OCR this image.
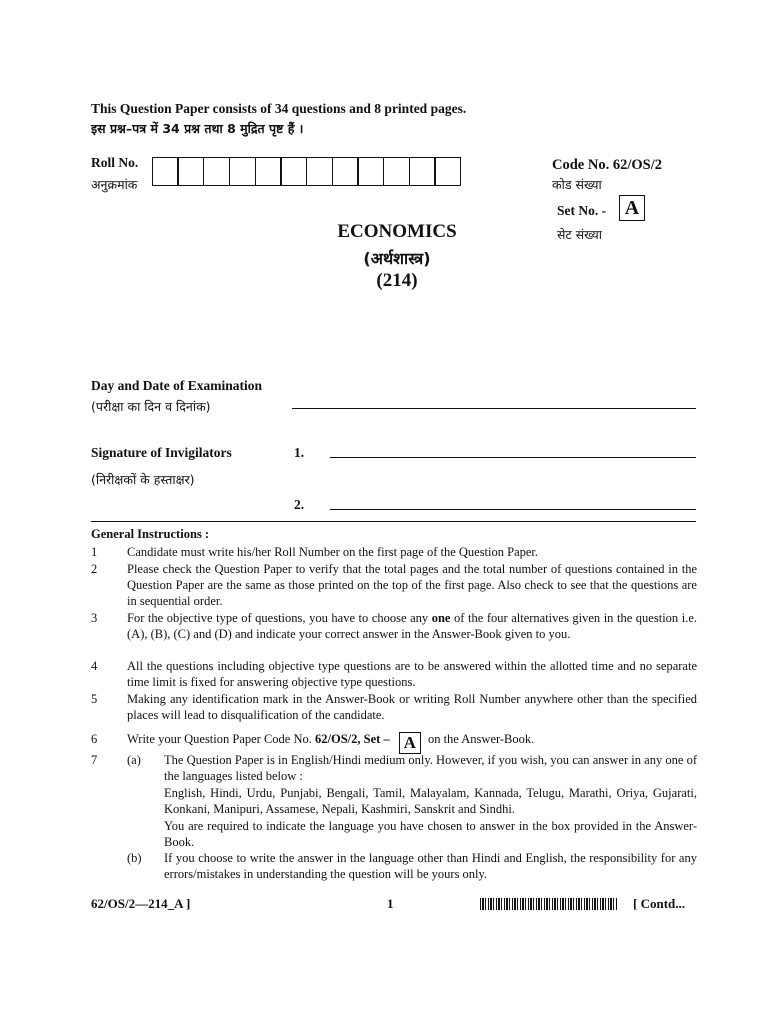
This Question Paper consists of 34 questions and 8 printed pages.
इस प्रश्न–पत्र में 34 प्रश्न तथा 8 मुद्रित पृष्ट हैं ।
Roll No.
अनुक्रमांक
Code No. 62/OS/2
कोड संख्या
Set No. - A
सेट संख्या
ECONOMICS
(अर्थशास्त्र)
(214)
Day and Date of Examination
(परीक्षा का दिन व दिनांक)
Signature of Invigilators	1.
(निरीक्षकों के हस्ताक्षर)
2.
General Instructions :
1	Candidate must write his/her Roll Number on the first page of the Question Paper.
2	Please check the Question Paper to verify that the total pages and the total number of questions contained in the Question Paper are the same as those printed on the top of the first page. Also check to see that the questions are in sequential order.
3	For the objective type of questions, you have to choose any one of the four alternatives given in the question i.e. (A), (B), (C) and (D) and indicate your correct answer in the Answer-Book given to you.
4	All the questions including objective type questions are to be answered within the allotted time and no separate time limit is fixed for answering objective type questions.
5	Making any identification mark in the Answer-Book or writing Roll Number anywhere other than the specified places will lead to disqualification of the candidate.
6	Write your Question Paper Code No. 62/OS/2, Set – A on the Answer-Book.
7	(a) The Question Paper is in English/Hindi medium only. However, if you wish, you can answer in any one of the languages listed below :
English, Hindi, Urdu, Punjabi, Bengali, Tamil, Malayalam, Kannada, Telugu, Marathi, Oriya, Gujarati, Konkani, Manipuri, Assamese, Nepali, Kashmiri, Sanskrit and Sindhi.
You are required to indicate the language you have chosen to answer in the box provided in the Answer-Book.
(b) If you choose to write the answer in the language other than Hindi and English, the responsibility for any errors/mistakes in understanding the question will be yours only.
62/OS/2—214_A ]	1	[ Contd...
